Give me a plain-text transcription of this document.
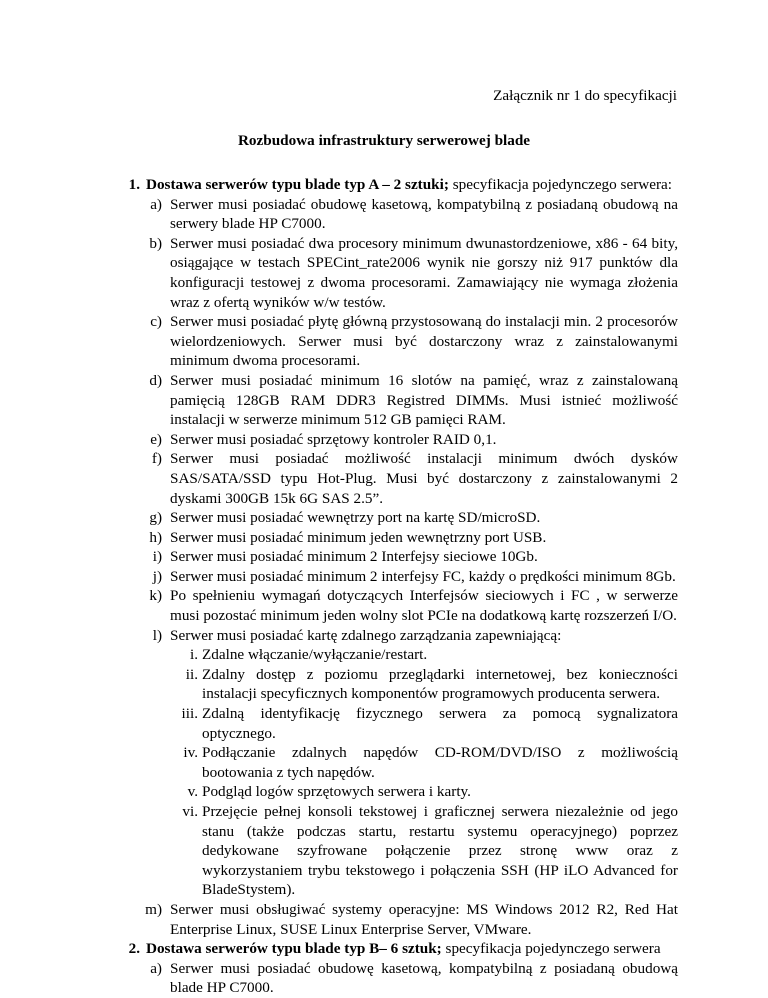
Załącznik nr 1 do specyfikacji

Rozbudowa infrastruktury serwerowej blade

1. Dostawa serwerów typu blade typ A – 2 sztuki; specyfikacja pojedynczego serwera:
a) Serwer musi posiadać obudowę kasetową, kompatybilną z posiadaną obudową na serwery blade HP C7000.
b) Serwer musi posiadać dwa procesory minimum dwunastordzeniowe, x86 - 64 bity, osiągające w testach SPECint_rate2006 wynik nie gorszy niż 917 punktów dla konfiguracji testowej z dwoma procesorami. Zamawiający nie wymaga złożenia wraz z ofertą wyników w/w testów.
c) Serwer musi posiadać płytę główną przystosowaną do instalacji min. 2 procesorów wielordzeniowych. Serwer musi być dostarczony wraz z zainstalowanymi minimum dwoma procesorami.
d) Serwer musi posiadać minimum 16 slotów na pamięć, wraz z zainstalowaną pamięcią 128GB RAM DDR3 Registred DIMMs. Musi istnieć możliwość instalacji w serwerze minimum 512 GB pamięci RAM.
e) Serwer musi posiadać sprzętowy kontroler RAID 0,1.
f) Serwer musi posiadać możliwość instalacji minimum dwóch dysków SAS/SATA/SSD typu Hot-Plug. Musi być dostarczony z zainstalowanymi 2 dyskami 300GB 15k 6G SAS 2.5”.
g) Serwer musi posiadać wewnętrzy port na kartę SD/microSD.
h) Serwer musi posiadać minimum jeden wewnętrzny port USB.
i) Serwer musi posiadać minimum 2 Interfejsy sieciowe 10Gb.
j) Serwer musi posiadać minimum 2 interfejsy FC, każdy o prędkości minimum 8Gb.
k) Po spełnieniu wymagań dotyczących Interfejsów sieciowych i FC , w serwerze musi pozostać minimum jeden wolny slot PCIe na dodatkową kartę rozszerzeń I/O.
l) Serwer musi posiadać kartę zdalnego zarządzania zapewniającą:
i. Zdalne włączanie/wyłączanie/restart.
ii. Zdalny dostęp z poziomu przeglądarki internetowej, bez konieczności instalacji specyficznych komponentów programowych producenta serwera.
iii. Zdalną identyfikację fizycznego serwera za pomocą sygnalizatora optycznego.
iv. Podłączanie zdalnych napędów CD-ROM/DVD/ISO z możliwością bootowania z tych napędów.
v. Podgląd logów sprzętowych serwera i karty.
vi. Przejęcie pełnej konsoli tekstowej i graficznej serwera niezależnie od jego stanu (także podczas startu, restartu systemu operacyjnego) poprzez dedykowane szyfrowane połączenie przez stronę www oraz z wykorzystaniem trybu tekstowego i połączenia SSH (HP iLO Advanced for BladeStystem).
m) Serwer musi obsługiwać systemy operacyjne: MS Windows 2012 R2, Red Hat Enterprise Linux, SUSE Linux Enterprise Server, VMware.
2. Dostawa serwerów typu blade typ B– 6 sztuk; specyfikacja pojedynczego serwera
a) Serwer musi posiadać obudowę kasetową, kompatybilną z posiadaną obudową blade HP C7000.
